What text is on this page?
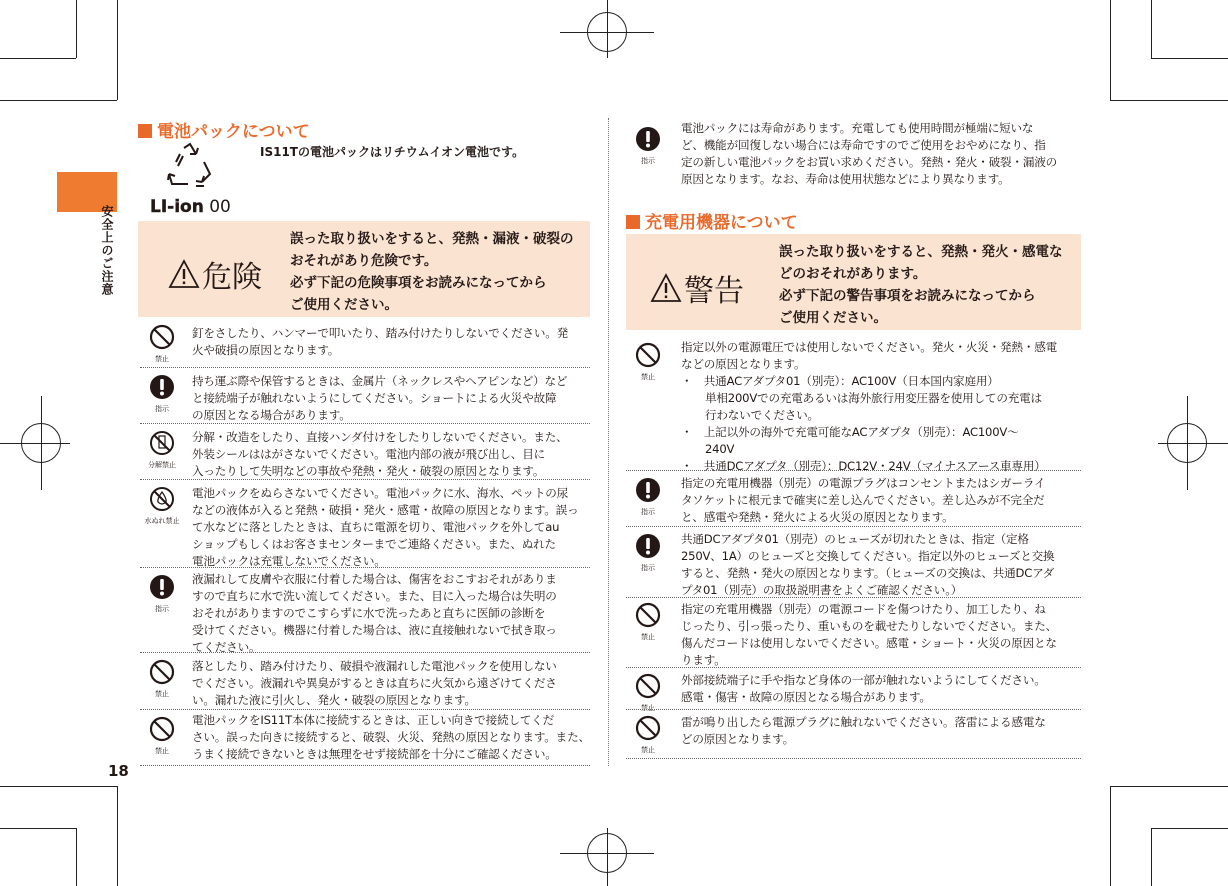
安全上のご注意
18
電池パックについて
LI-ion 00
IS11Tの電池パックはリチウムイオン電池です。
危険
誤った取り扱いをすると、発熱・漏液・破裂の
おそれがあり危険です。
必ず下記の危険事項をお読みになってから
ご使用ください。
禁止
釘をさしたり、ハンマーで叩いたり、踏み付けたりしないでください。発
火や破損の原因となります。
指示
持ち運ぶ際や保管するときは、金属片（ネックレスやヘアピンなど）など
と接続端子が触れないようにしてください。ショートによる火災や故障
の原因となる場合があります。
分解禁止
分解・改造をしたり、直接ハンダ付けをしたりしないでください。また、
外装シールははがさないでください。電池内部の液が飛び出し、目に
入ったりして失明などの事故や発熱・発火・破裂の原因となります。
水ぬれ禁止
電池パックをぬらさないでください。電池パックに水、海水、ペットの尿
などの液体が入ると発熱・破損・発火・感電・故障の原因となります。誤っ
て水などに落としたときは、直ちに電源を切り、電池パックを外してau
ショップもしくはお客さまセンターまでご連絡ください。また、ぬれた
電池パックは充電しないでください。
指示
液漏れして皮膚や衣服に付着した場合は、傷害をおこすおそれがありま
すので直ちに水で洗い流してください。また、目に入った場合は失明の
おそれがありますのでこすらずに水で洗ったあと直ちに医師の診断を
受けてください。機器に付着した場合は、液に直接触れないで拭き取っ
てください。
禁止
落としたり、踏み付けたり、破損や液漏れした電池パックを使用しない
でください。液漏れや異臭がするときは直ちに火気から遠ざけてくださ
い。漏れた液に引火し、発火・破裂の原因となります。
禁止
電池パックをIS11T本体に接続するときは、正しい向きで接続してくだ
さい。誤った向きに接続すると、破裂、火災、発熱の原因となります。また、
うまく接続できないときは無理をせず接続部を十分にご確認ください。
指示
電池パックには寿命があります。充電しても使用時間が極端に短いな
ど、機能が回復しない場合には寿命ですのでご使用をおやめになり、指
定の新しい電池パックをお買い求めください。発熱・発火・破裂・漏液の
原因となります。なお、寿命は使用状態などにより異なります。
充電用機器について
警告
誤った取り扱いをすると、発熱・発火・感電な
どのおそれがあります。
必ず下記の警告事項をお読みになってから
ご使用ください。
禁止
指定以外の電源電圧では使用しないでください。発火・火災・発熱・感電
などの原因となります。
・　共通ACアダプタ01（別売）：AC100V（日本国内家庭用）
単相200Vでの充電あるいは海外旅行用変圧器を使用しての充電は
行わないでください。
・　上記以外の海外で充電可能なACアダプタ（別売）：AC100V～
240V
・　共通DCアダプタ（別売）：DC12V・24V（マイナスアース車専用）
指示
指定の充電用機器（別売）の電源プラグはコンセントまたはシガーライ
タソケットに根元まで確実に差し込んでください。差し込みが不完全だ
と、感電や発熱・発火による火災の原因となります。
指示
共通DCアダプタ01（別売）のヒューズが切れたときは、指定（定格
250V、1A）のヒューズと交換してください。指定以外のヒューズと交換
すると、発熱・発火の原因となります。（ヒューズの交換は、共通DCアダ
プタ01（別売）の取扱説明書をよくご確認ください。）
禁止
指定の充電用機器（別売）の電源コードを傷つけたり、加工したり、ね
じったり、引っ張ったり、重いものを載せたりしないでください。また、
傷んだコードは使用しないでください。感電・ショート・火災の原因とな
ります。
禁止
外部接続端子に手や指など身体の一部が触れないようにしてください。
感電・傷害・故障の原因となる場合があります。
禁止
雷が鳴り出したら電源プラグに触れないでください。落雷による感電な
どの原因となります。
